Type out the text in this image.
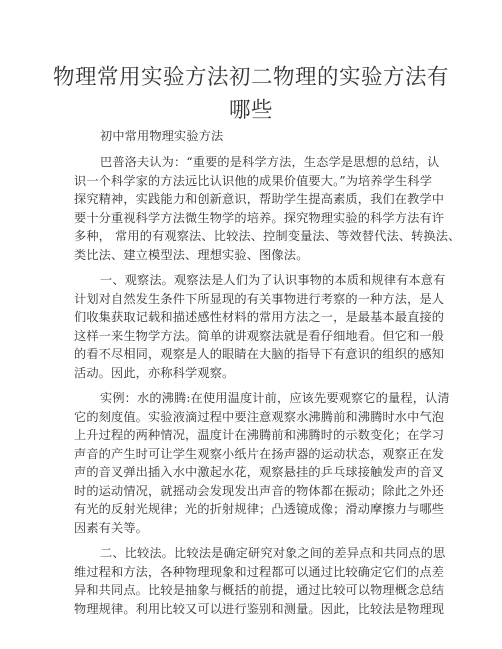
物理常用实验方法初二物理的实验方法有
哪些
初中常用物理实验方法
巴普洛夫认为：“重要的是科学方法，生态学是思想的总结，认
识一个科学家的方法远比认识他的成果价值要大。”为培养学生科学
探究精神，实践能力和创新意识，帮助学生提高素质，我们在教学中
要十分重视科学方法微生物学的培养。探究物理实验的科学方法有许
多种， 常用的有观察法、比较法、控制变量法、等效替代法、转换法、
类比法、建立模型法、理想实验、图像法。
一、观察法。观察法是人们为了认识事物的本质和规律有本意有
计划对自然发生条件下所显现的有关事物进行考察的一种方法，是人
们收集获取记载和描述感性材料的常用方法之一，是最基本最直接的
这样一来生物学方法。简单的讲观察法就是看仔细地看。但它和一般
的看不尽相同，观察是人的眼睛在大脑的指导下有意识的组织的感知
活动。因此，亦称科学观察。
实例：水的沸腾:在使用温度计前，应该先要观察它的量程，认清
它的刻度值。实验液滴过程中要注意观察水沸腾前和沸腾时水中气泡
上升过程的两种情况，温度计在沸腾前和沸腾时的示数变化；在学习
声音的产生时可让学生观察小纸片在扬声器的运动状态，观察正在发
声的音叉弹出插入水中激起水花，观察悬挂的乒乓球接触发声的音叉
时的运动情况，就摇动会发现发出声音的物体都在振动；除此之外还
有光的反射光规律；光的折射规律；凸透镜成像；滑动摩擦力与哪些
因素有关等。
二、比较法。比较法是确定研究对象之间的差异点和共同点的思
维过程和方法，各种物理现象和过程都可以通过比较确定它们的点差
异和共同点。比较是抽象与概括的前提，通过比较可以物理概念总结
物理规律。利用比较又可以进行鉴别和测量。因此，比较法是物理现
